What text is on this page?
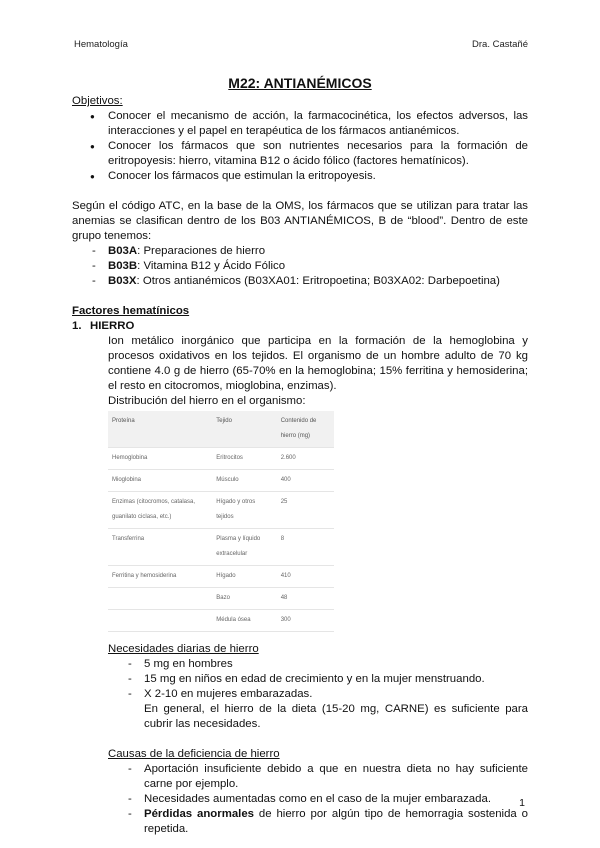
Hematología	Dra. Castañé
M22: ANTIANÉMICOS
Objetivos:
● Conocer el mecanismo de acción, la farmacocinética, los efectos adversos, las interacciones y el papel en terapéutica de los fármacos antianémicos.
● Conocer los fármacos que son nutrientes necesarios para la formación de eritropoyesis: hierro, vitamina B12 o ácido fólico (factores hematínicos).
● Conocer los fármacos que estimulan la eritropoyesis.
Según el código ATC, en la base de la OMS, los fármacos que se utilizan para tratar las anemias se clasifican dentro de los B03 ANTIANÉMICOS, B de “blood”. Dentro de este grupo tenemos:
- B03A: Preparaciones de hierro
- B03B: Vitamina B12 y Ácido Fólico
- B03X: Otros antianémicos (B03XA01: Eritropoetina; B03XA02: Darbepoetina)
Factores hematínicos
1. HIERRO
Ion metálico inorgánico que participa en la formación de la hemoglobina y procesos oxidativos en los tejidos. El organismo de un hombre adulto de 70 kg contiene 4.0 g de hierro (65-70% en la hemoglobina; 15% ferritina y hemosiderina; el resto en citocromos, mioglobina, enzimas).
Distribución del hierro en el organismo:
Proteína	Tejido	Contenido de hierro (mg)
Hemoglobina	Eritrocitos	2.600
Mioglobina	Músculo	400
Enzimas (citocromos, catalasa, guanilato ciclasa, etc.)	Hígado y otros tejidos	25
Transferrina	Plasma y líquido extracelular	8
Ferritina y hemosiderina	Hígado	410
	Bazo	48
	Médula ósea	300
Necesidades diarias de hierro
- 5 mg en hombres
- 15 mg en niños en edad de crecimiento y en la mujer menstruando.
- X 2-10 en mujeres embarazadas.
En general, el hierro de la dieta (15-20 mg, CARNE) es suficiente para cubrir las necesidades.
Causas de la deficiencia de hierro
- Aportación insuficiente debido a que en nuestra dieta no hay suficiente carne por ejemplo.
- Necesidades aumentadas como en el caso de la mujer embarazada.
- Pérdidas anormales de hierro por algún tipo de hemorragia sostenida o repetida.
1
